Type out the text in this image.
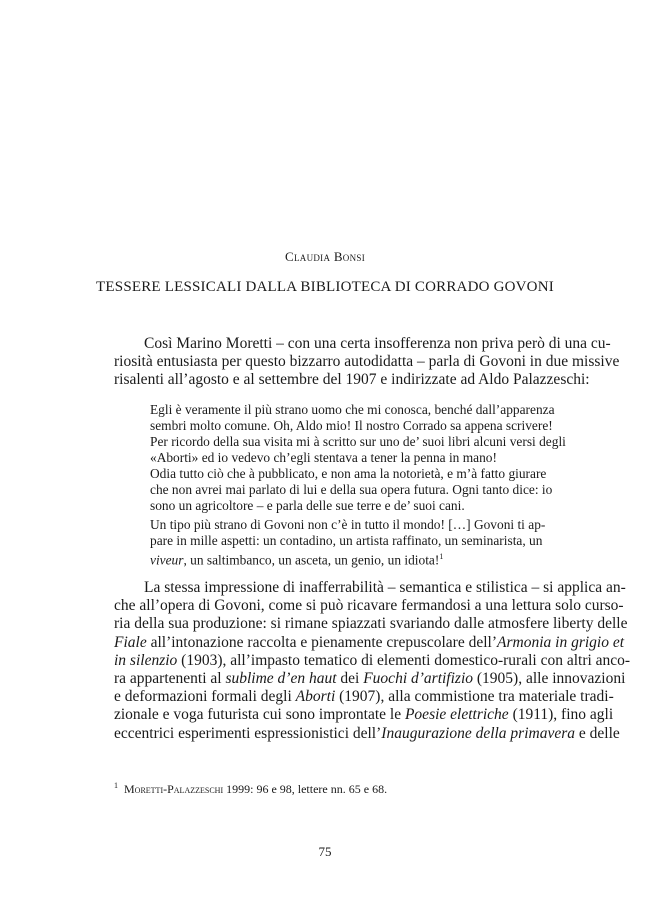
Claudia Bonsi
TESSERE LESSICALI DALLA BIBLIOTECA DI CORRADO GOVONI
Così Marino Moretti – con una certa insofferenza non priva però di una cu-
riosità entusiasta per questo bizzarro autodidatta – parla di Govoni in due missive
risalenti all’agosto e al settembre del 1907 e indirizzate ad Aldo Palazzeschi:
Egli è veramente il più strano uomo che mi conosca, benché dall’apparenza
sembri molto comune. Oh, Aldo mio! Il nostro Corrado sa appena scrivere!
Per ricordo della sua visita mi à scritto sur uno de’ suoi libri alcuni versi degli
«Aborti» ed io vedevo ch’egli stentava a tener la penna in mano!
Odia tutto ciò che à pubblicato, e non ama la notorietà, e m’à fatto giurare
che non avrei mai parlato di lui e della sua opera futura. Ogni tanto dice: io
sono un agricoltore – e parla delle sue terre e de’ suoi cani.
Un tipo più strano di Govoni non c’è in tutto il mondo! […] Govoni ti ap-
pare in mille aspetti: un contadino, un artista raffinato, un seminarista, un
viveur, un saltimbanco, un asceta, un genio, un idiota!$^1$
La stessa impressione di inafferrabilità – semantica e stilistica – si applica an-
che all’opera di Govoni, come si può ricavare fermandosi a una lettura solo curso-
ria della sua produzione: si rimane spiazzati svariando dalle atmosfere liberty delle
Fiale all’intonazione raccolta e pienamente crepuscolare dell’Armonia in grigio et
in silenzio (1903), all’impasto tematico di elementi domestico-rurali con altri anco-
ra appartenenti al sublime d’en haut dei Fuochi d’artifizio (1905), alle innovazioni
e deformazioni formali degli Aborti (1907), alla commistione tra materiale tradi-
zionale e voga futurista cui sono improntate le Poesie elettriche (1911), fino agli
eccentrici esperimenti espressionistici dell’Inaugurazione della primavera e delle
$^1$ Moretti-Palazzeschi 1999: 96 e 98, lettere nn. 65 e 68.
75
